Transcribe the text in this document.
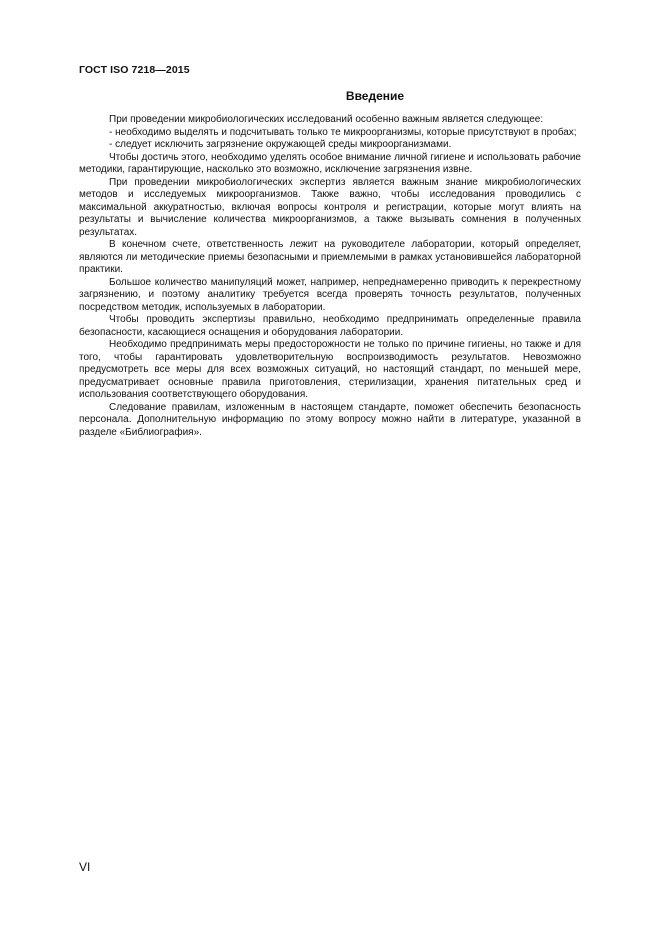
ГОСТ ISO 7218—2015
Введение

При проведении микробиологических исследований особенно важным является следующее:

- необходимо выделять и подсчитывать только те микроорганизмы, которые присутствуют в пробах;

- следует исключить загрязнение окружающей среды микроорганизмами.

Чтобы достичь этого, необходимо уделять особое внимание личной гигиене и использовать рабочие методики, гарантирующие, насколько это возможно, исключение загрязнения извне.

При проведении микробиологических экспертиз является важным знание микробиологических методов и исследуемых микроорганизмов. Также важно, чтобы исследования проводились с максимальной аккуратностью, включая вопросы контроля и регистрации, которые могут влиять на результаты и вычисление количества микроорганизмов, а также вызывать сомнения в полученных результатах.

В конечном счете, ответственность лежит на руководителе лаборатории, который определяет, являются ли методические приемы безопасными и приемлемыми в рамках установившейся лабораторной практики.

Большое количество манипуляций может, например, непреднамеренно приводить к перекрестному загрязнению, и поэтому аналитику требуется всегда проверять точность результатов, полученных посредством методик, используемых в лаборатории.

Чтобы проводить экспертизы правильно, необходимо предпринимать определенные правила безопасности, касающиеся оснащения и оборудования лаборатории.

Необходимо предпринимать меры предосторожности не только по причине гигиены, но также и для того, чтобы гарантировать удовлетворительную воспроизводимость результатов. Невозможно предусмотреть все меры для всех возможных ситуаций, но настоящий стандарт, по меньшей мере, предусматривает основные правила приготовления, стерилизации, хранения питательных сред и использования соответствующего оборудования.

Следование правилам, изложенным в настоящем стандарте, поможет обеспечить безопасность персонала. Дополнительную информацию по этому вопросу можно найти в литературе, указанной в разделе «Библиография».

VI
